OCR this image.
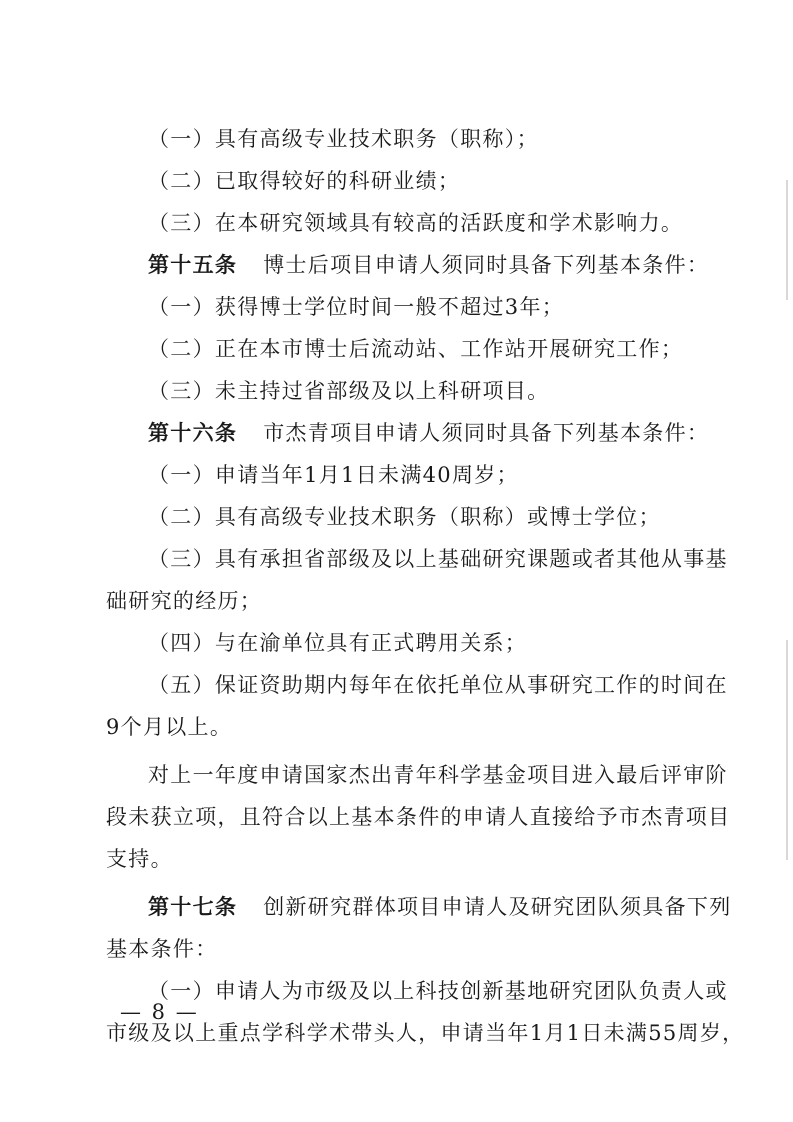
（一）具有高级专业技术职务（职称）；
（二）已取得较好的科研业绩；
（三）在本研究领域具有较高的活跃度和学术影响力。
第十五条 博士后项目申请人须同时具备下列基本条件：
（一）获得博士学位时间一般不超过3年；
（二）正在本市博士后流动站、工作站开展研究工作；
（三）未主持过省部级及以上科研项目。
第十六条 市杰青项目申请人须同时具备下列基本条件：
（一）申请当年1月1日未满40周岁；
（二）具有高级专业技术职务（职称）或博士学位；
（三）具有承担省部级及以上基础研究课题或者其他从事基
础研究的经历；
（四）与在渝单位具有正式聘用关系；
（五）保证资助期内每年在依托单位从事研究工作的时间在
9个月以上。
对上一年度申请国家杰出青年科学基金项目进入最后评审阶
段未获立项，且符合以上基本条件的申请人直接给予市杰青项目
支持。
第十七条 创新研究群体项目申请人及研究团队须具备下列
基本条件：
（一）申请人为市级及以上科技创新基地研究团队负责人或
市级及以上重点学科学术带头人，申请当年1月1日未满55周岁，
— 8 —
